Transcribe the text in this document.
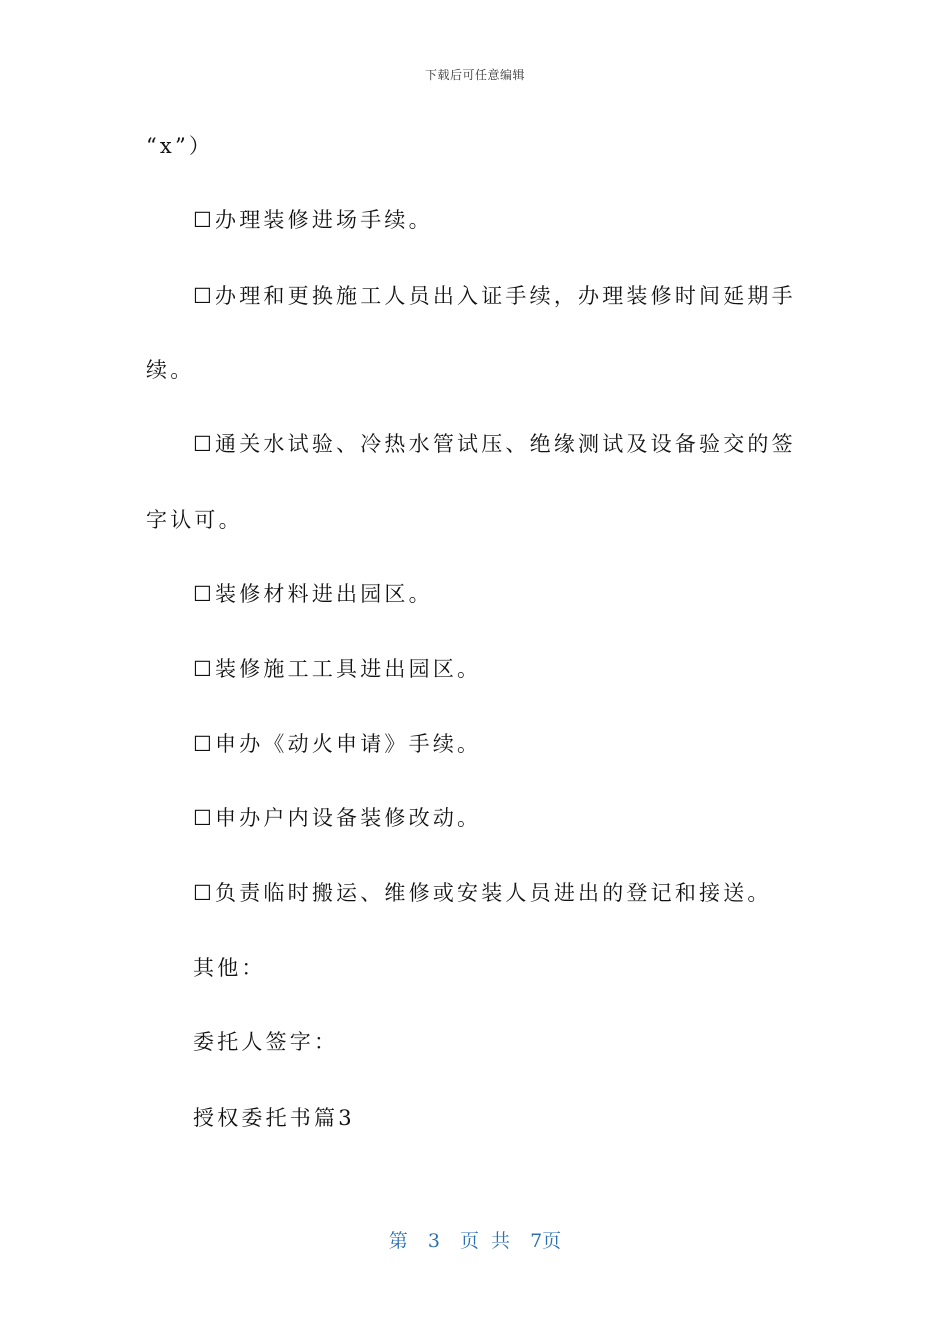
下载后可任意编辑
“x”）
☐办理装修进场手续。
☐办理和更换施工人员出入证手续，办理装修时间延期手
续。
☐通关水试验、冷热水管试压、绝缘测试及设备验交的签
字认可。
☐装修材料进出园区。
☐装修施工工具进出园区。
☐申办《动火申请》手续。
☐申办户内设备装修改动。
☐负责临时搬运、维修或安装人员进出的登记和接送。
其他：
委托人签字：
授权委托书篇3
第 3 页 共 7页
